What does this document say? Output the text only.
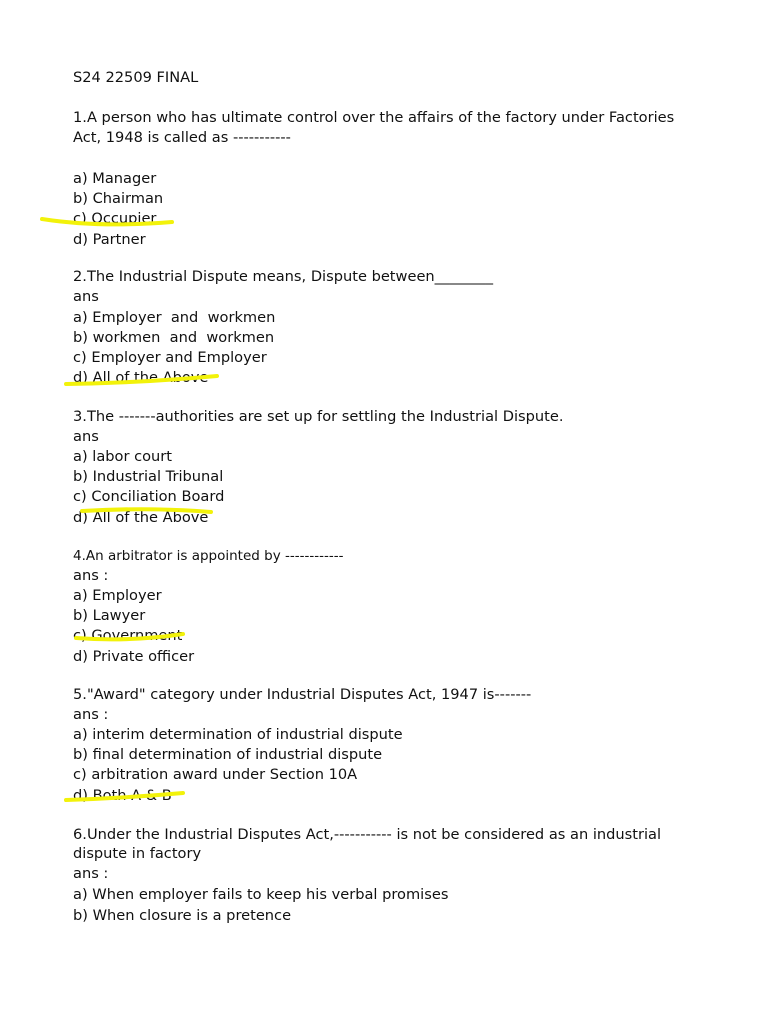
S24 22509 FINAL
1.A person who has ultimate control over the affairs of the factory under Factories
Act, 1948 is called as -----------
a) Manager
b) Chairman
c) Occupier
d) Partner
2.The Industrial Dispute means, Dispute between________
ans
a) Employer  and  workmen
b) workmen  and  workmen
c) Employer and Employer
d) All of the Above
3.The -------authorities are set up for settling the Industrial Dispute.
ans
a) labor court
b) Industrial Tribunal
c) Conciliation Board
d) All of the Above
4.An arbitrator is appointed by ------------
ans :
a) Employer
b) Lawyer
c) Government
d) Private officer
5."Award" category under Industrial Disputes Act, 1947 is-------
ans :
a) interim determination of industrial dispute
b) final determination of industrial dispute
c) arbitration award under Section 10A
d) Both A & B
6.Under the Industrial Disputes Act,----------- is not be considered as an industrial
dispute in factory
ans :
a) When employer fails to keep his verbal promises
b) When closure is a pretence
